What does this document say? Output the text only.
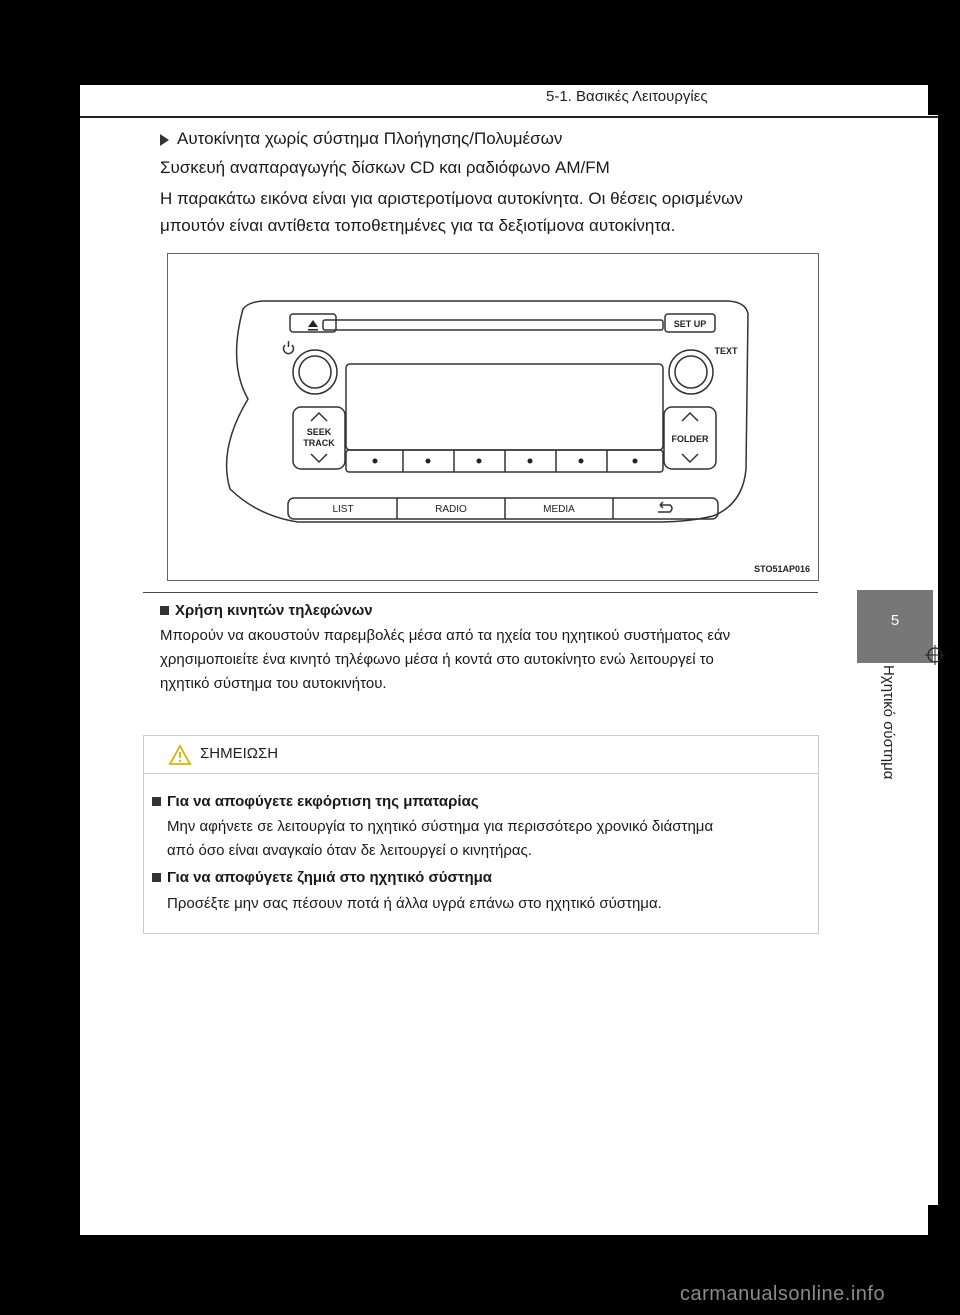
5-1. Βασικές Λειτουργίες
Αυτοκίνητα χωρίς σύστημα Πλοήγησης/Πολυμέσων
Συσκευή αναπαραγωγής δίσκων CD και ραδιόφωνο AM/FM
Η παρακάτω εικόνα είναι για αριστεροτίμονα αυτοκίνητα. Οι θέσεις ορισμένων
μπουτόν είναι αντίθετα τοποθετημένες για τα δεξιοτίμονα αυτοκίνητα.
SET UP
TEXT
SEEK
TRACK	FOLDER
LIST	RADIO	MEDIA
STO51AP016
Χρήση κινητών τηλεφώνων
Μπορούν να ακουστούν παρεμβολές μέσα από τα ηχεία του ηχητικού συστήματος εάν
χρησιμοποιείτε ένα κινητό τηλέφωνο μέσα ή κοντά στο αυτοκίνητο ενώ λειτουργεί το
ηχητικό σύστημα του αυτοκινήτου.
ΣΗΜΕΙΩΣΗ
Για να αποφύγετε εκφόρτιση της μπαταρίας
Μην αφήνετε σε λειτουργία το ηχητικό σύστημα για περισσότερο χρονικό διάστημα
από όσο είναι αναγκαίο όταν δε λειτουργεί ο κινητήρας.
Για να αποφύγετε ζημιά στο ηχητικό σύστημα
Προσέξτε μην σας πέσουν ποτά ή άλλα υγρά επάνω στο ηχητικό σύστημα.
5
Ηχητικό σύστημα
carmanualsonline.info
